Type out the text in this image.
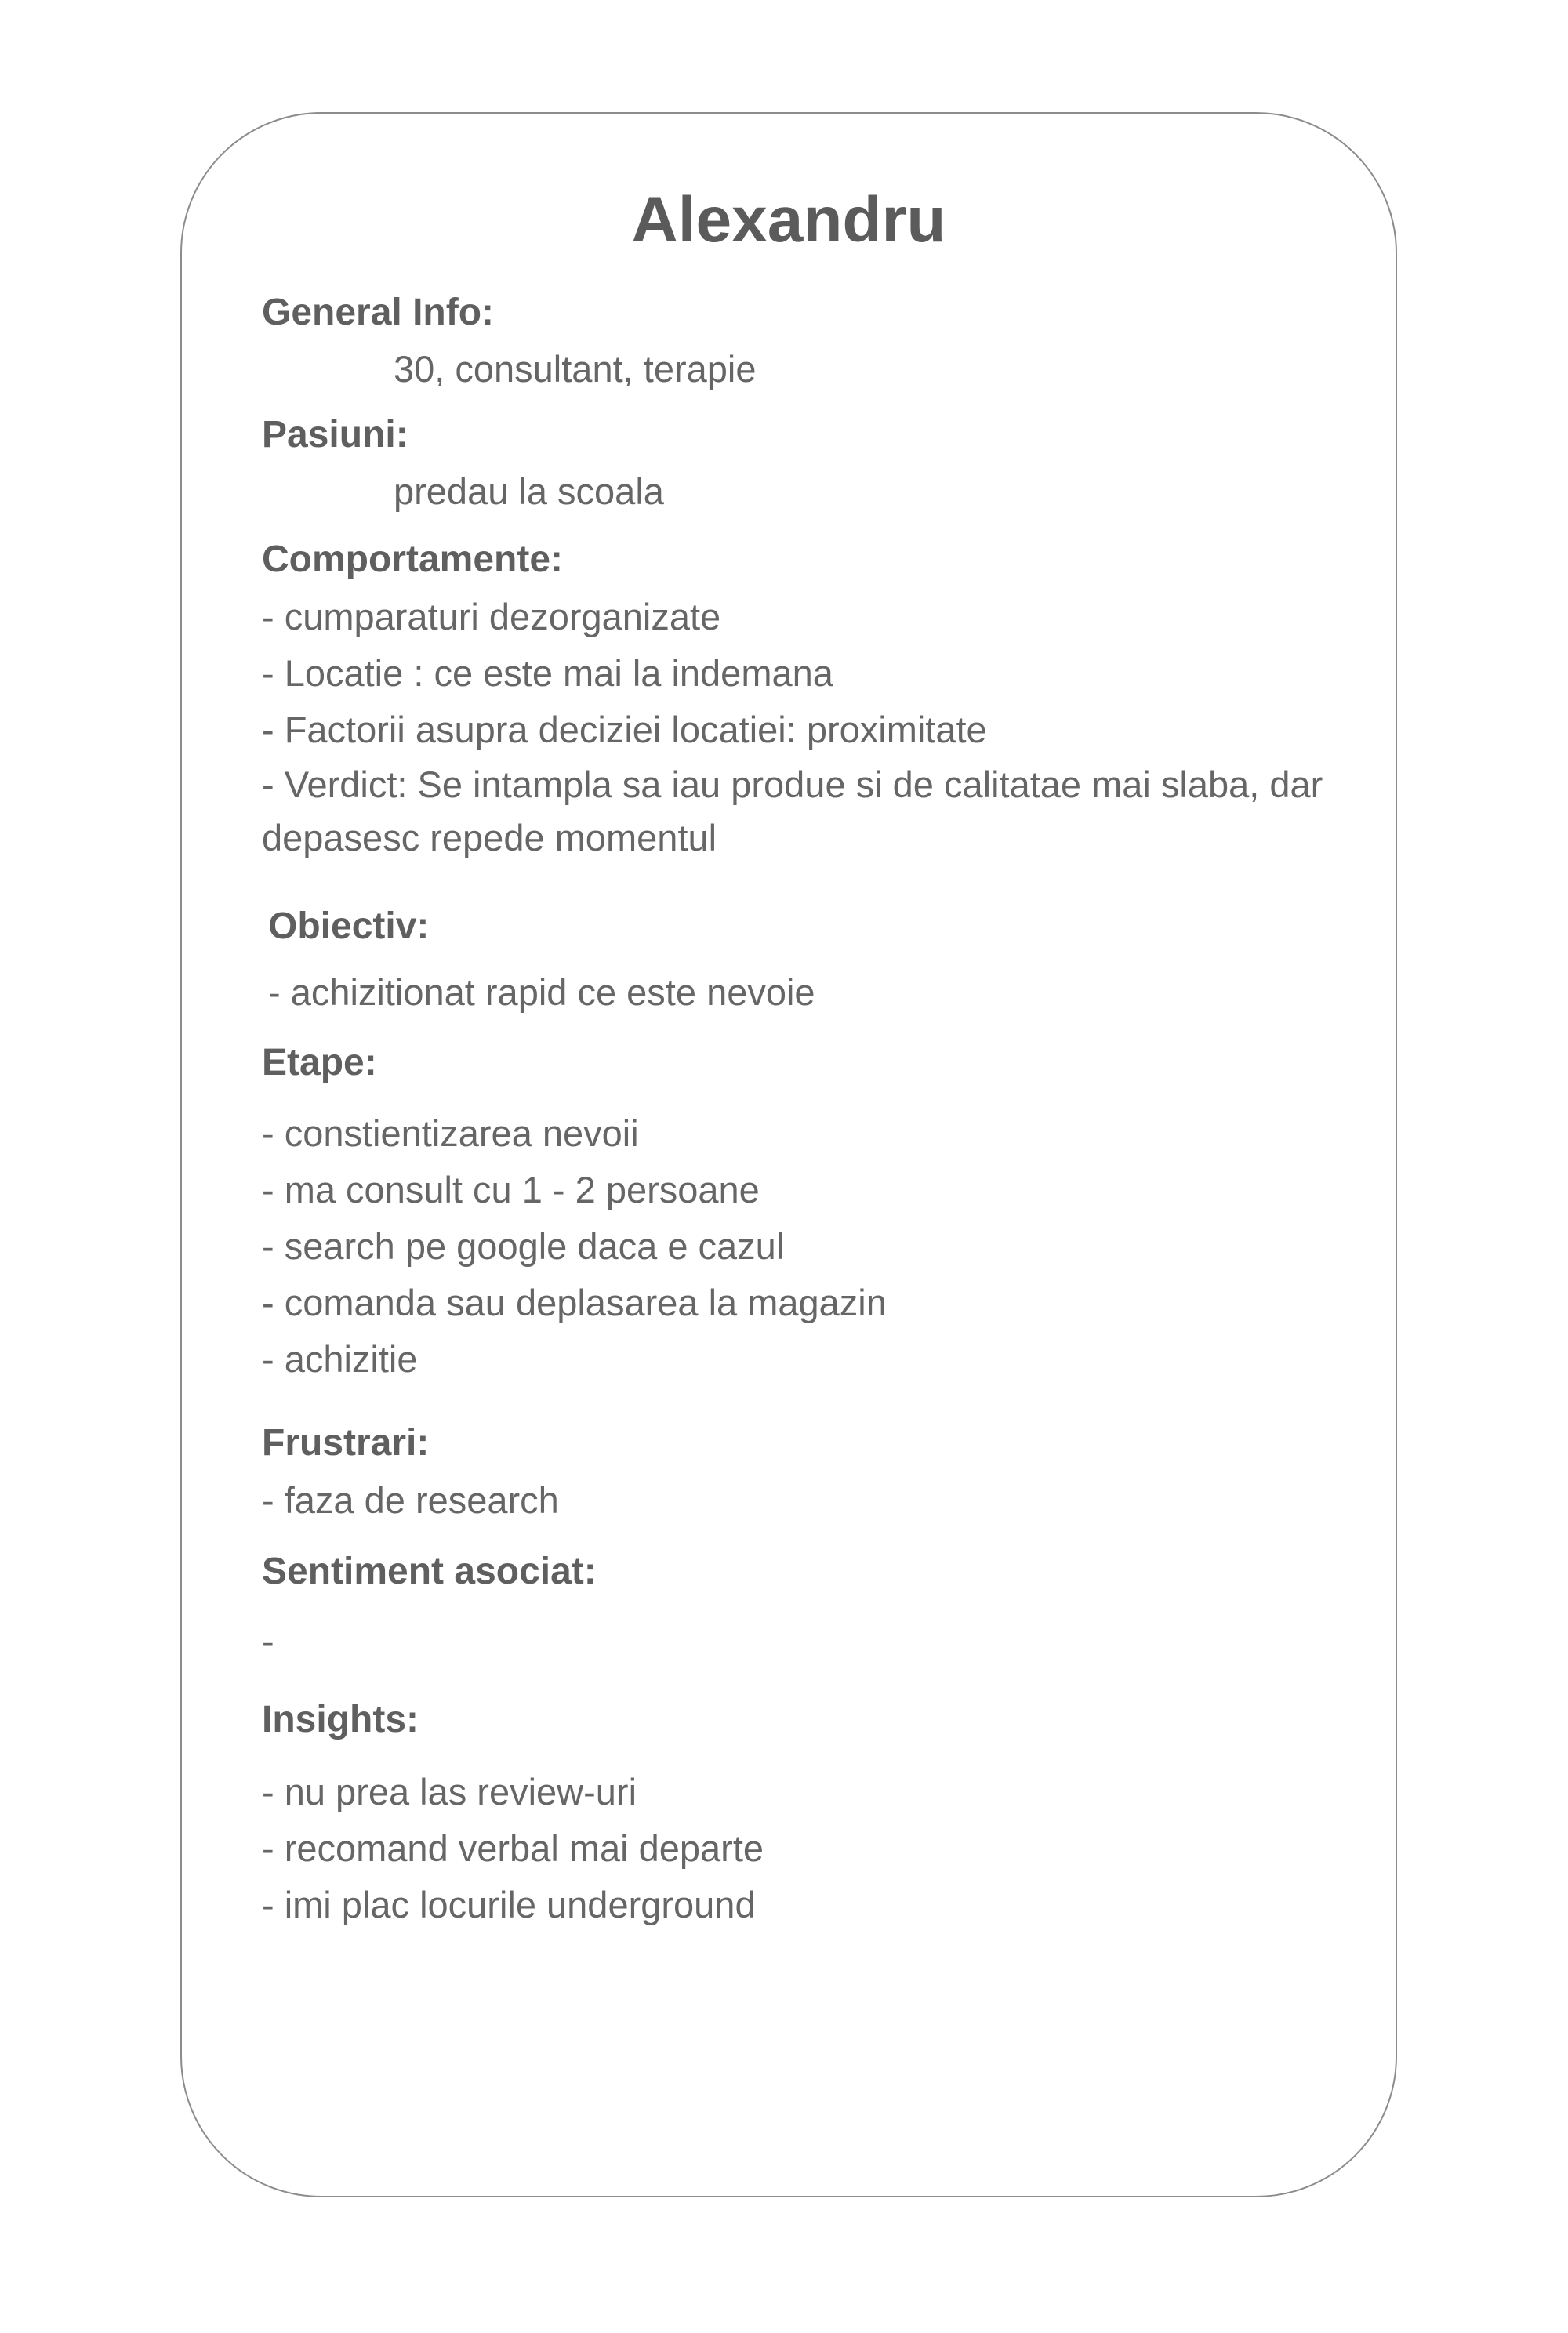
Alexandru
General Info:
30, consultant, terapie
Pasiuni:
predau la scoala
Comportamente:
- cumparaturi dezorganizate
- Locatie : ce este mai la indemana
- Factorii asupra deciziei locatiei: proximitate
- Verdict: Se intampla sa iau produe si de calitatae mai slaba, dar depasesc repede momentul
Obiectiv:
- achizitionat rapid ce este nevoie
Etape:
- constientizarea nevoii
- ma consult cu 1 - 2 persoane
- search pe google daca e cazul
- comanda sau deplasarea la magazin
- achizitie
Frustrari:
- faza de research
Sentiment asociat:
-
Insights:
- nu prea las review-uri
- recomand verbal mai departe
- imi plac locurile underground
